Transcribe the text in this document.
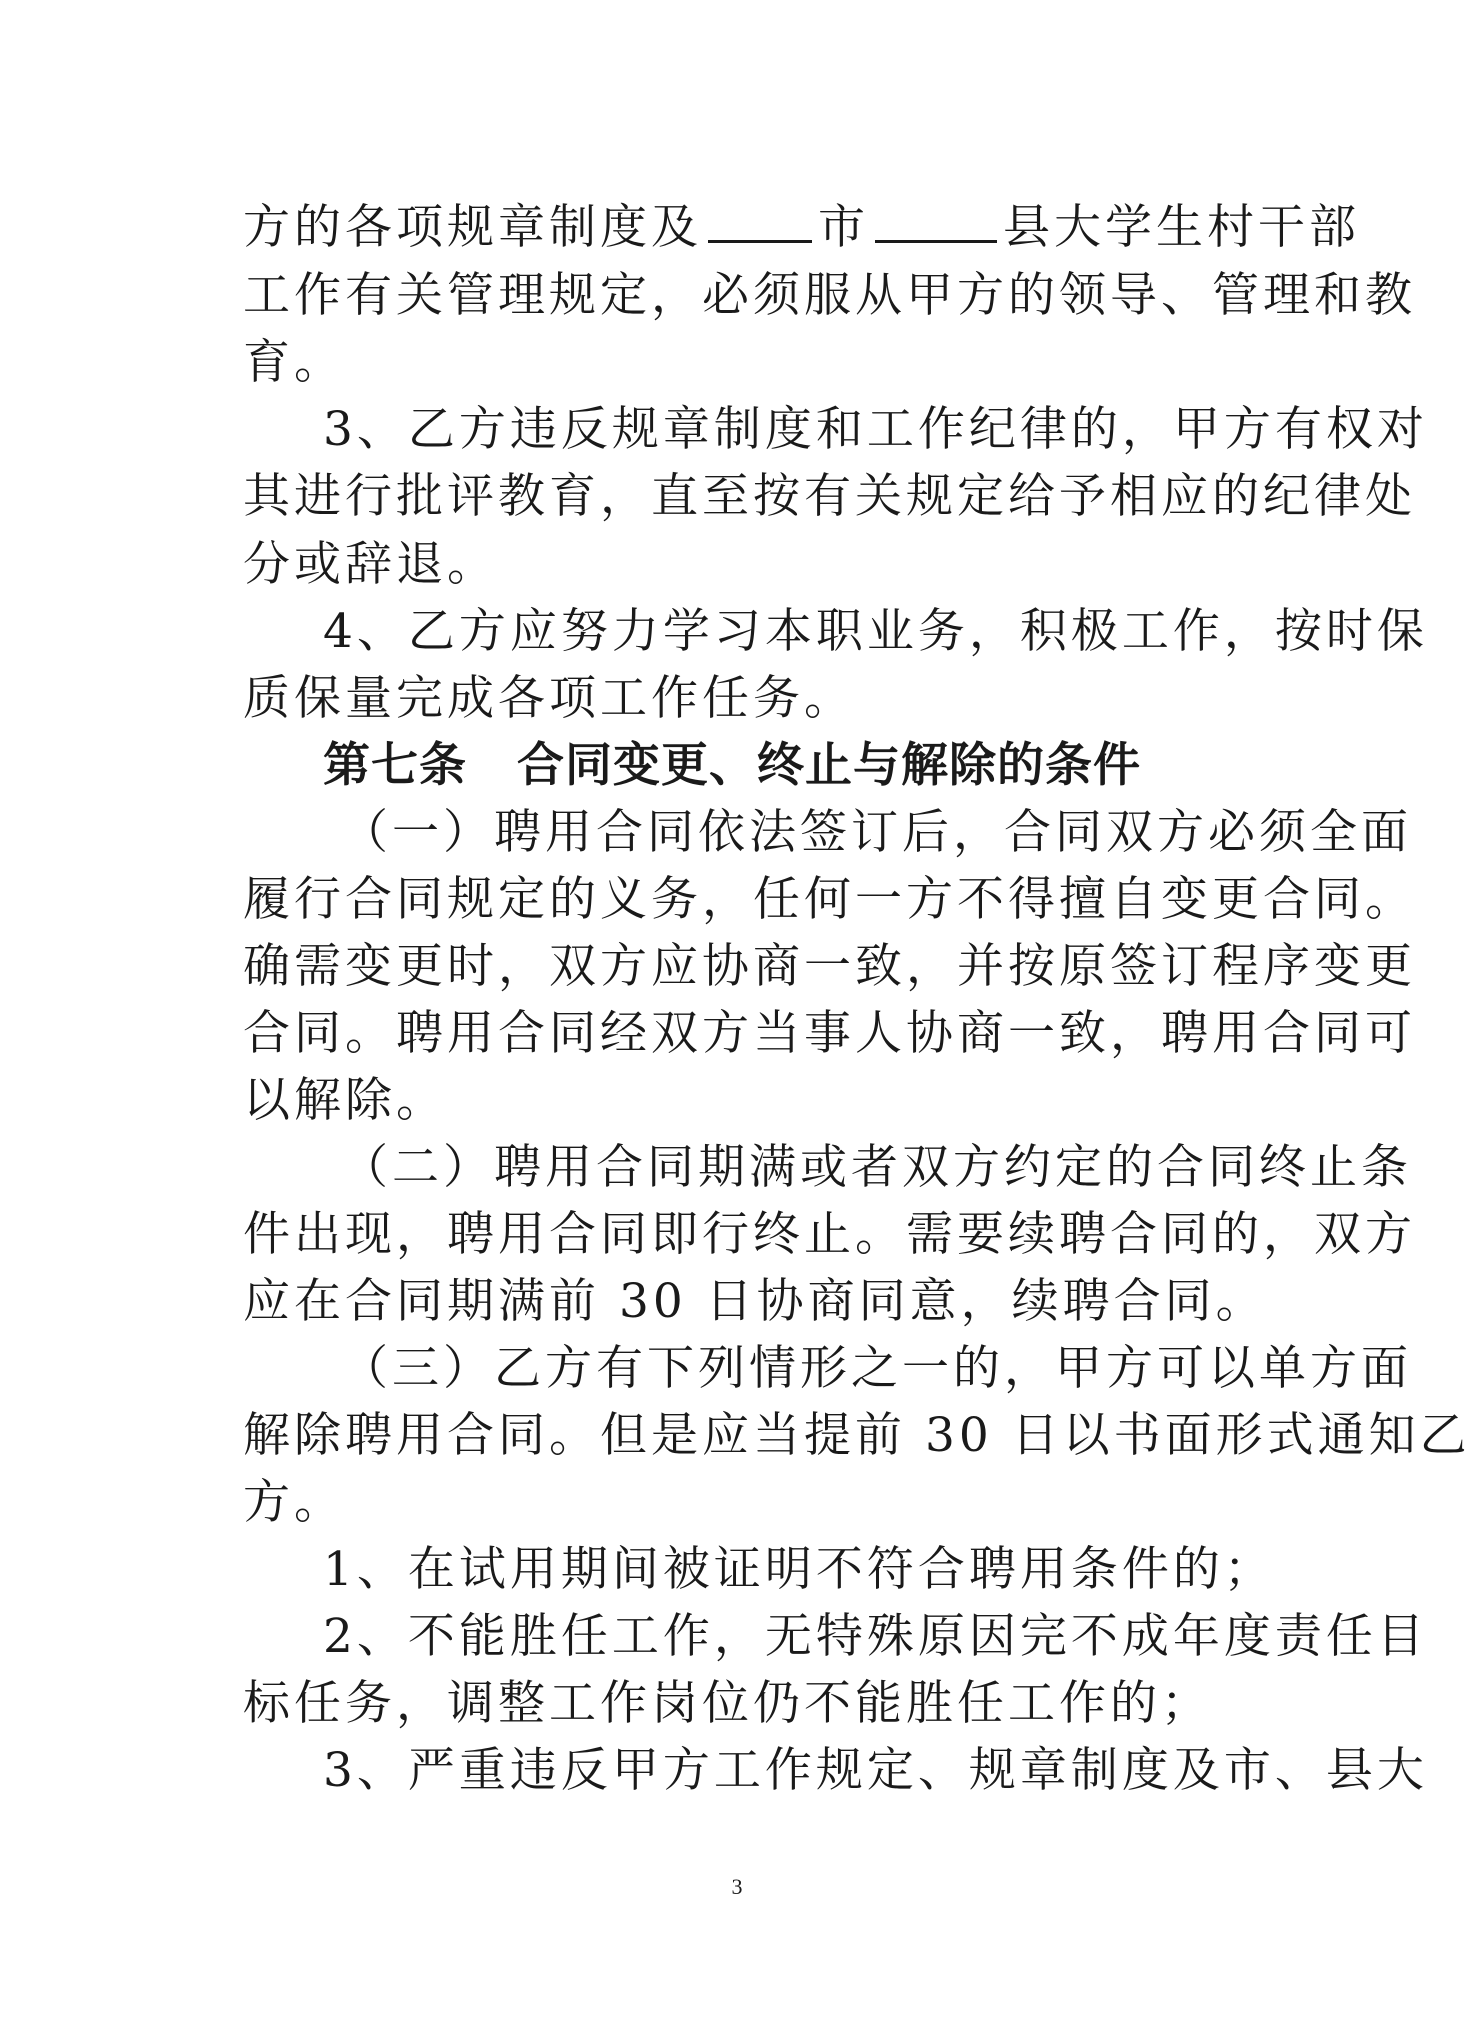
方的各项规章制度及 市	县大学生村干部
工作有关管理规定，必须服从甲方的领导、管理和教
育。
3、乙方违反规章制度和工作纪律的，甲方有权对
其进行批评教育，直至按有关规定给予相应的纪律处
分或辞退。
4、乙方应努力学习本职业务，积极工作，按时保
质保量完成各项工作任务。
第七条 合同变更、终止与解除的条件
（一）聘用合同依法签订后，合同双方必须全面
履行合同规定的义务，任何一方不得擅自变更合同。
确需变更时，双方应协商一致，并按原签订程序变更
合同。聘用合同经双方当事人协商一致，聘用合同可
以解除。
（二）聘用合同期满或者双方约定的合同终止条
件出现，聘用合同即行终止。需要续聘合同的，双方
应在合同期满前 30 日协商同意，续聘合同。
（三）乙方有下列情形之一的，甲方可以单方面
解除聘用合同。但是应当提前 30 日以书面形式通知乙
方。
1、在试用期间被证明不符合聘用条件的；
2、不能胜任工作，无特殊原因完不成年度责任目
标任务，调整工作岗位仍不能胜任工作的；
3、严重违反甲方工作规定、规章制度及市、县大
3
